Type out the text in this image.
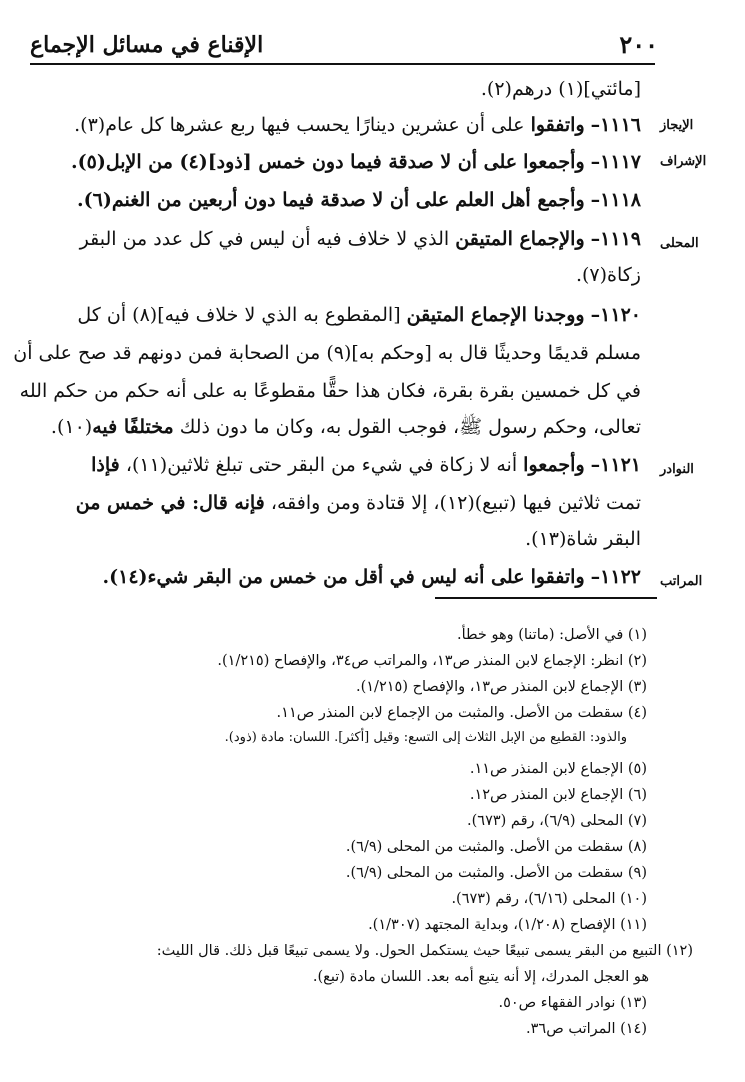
٢٠٠
الإقناع في مسائل الإجماع
الإيجاز
الإشراف
المحلى
النوادر
المراتب
[مائتي](١) درهم(٢).
١١١٦– واتفقوا على أن عشرين دينارًا يحسب فيها ربع عشرها كل عام(٣).
١١١٧– وأجمعوا على أن لا صدقة فيما دون خمس [ذود](٤) من الإبل(٥).
١١١٨– وأجمع أهل العلم على أن لا صدقة فيما دون أربعين من الغنم(٦).
١١١٩– والإجماع المتيقن الذي لا خلاف فيه أن ليس في كل عدد من البقر
زكاة(٧).
١١٢٠– ووجدنا الإجماع المتيقن [المقطوع به الذي لا خلاف فيه](٨) أن كل
مسلم قديمًا وحديثًا قال به [وحكم به](٩) من الصحابة فمن دونهم قد صح على أن
في كل خمسين بقرة بقرة، فكان هذا حقًّا مقطوعًا به على أنه حكم من حكم الله
تعالى، وحكم رسول ﷺ، فوجب القول به، وكان ما دون ذلك مختلفًا فيه(١٠).
١١٢١– وأجمعوا أنه لا زكاة في شيء من البقر حتى تبلغ ثلاثين(١١)، فإذا
تمت ثلاثين فيها (تبيع)(١٢)، إلا قتادة ومن وافقه، فإنه قال: في خمس من
البقر شاة(١٣).
١١٢٢– واتفقوا على أنه ليس في أقل من خمس من البقر شيء(١٤).
(١) في الأصل: (ماتنا) وهو خطأ.
(٢) انظر: الإجماع لابن المنذر ص١٣، والمراتب ص٣٤، والإفصاح (١/٢١٥).
(٣) الإجماع لابن المنذر ص١٣، والإفصاح (١/٢١٥).
(٤) سقطت من الأصل. والمثبت من الإجماع لابن المنذر ص١١.
والذود: القطيع من الإبل الثلاث إلى التسع: وقيل [أكثر]. اللسان: مادة (ذود).
(٥) الإجماع لابن المنذر ص١١.
(٦) الإجماع لابن المنذر ص١٢.
(٧) المحلى (٦/٩)، رقم (٦٧٣).
(٨) سقطت من الأصل. والمثبت من المحلى (٦/٩).
(٩) سقطت من الأصل. والمثبت من المحلى (٦/٩).
(١٠) المحلى (٦/١٦)، رقم (٦٧٣).
(١١) الإفصاح (١/٢٠٨)، وبداية المجتهد (١/٣٠٧).
(١٢) التبيع من البقر يسمى تبيعًا حيث يستكمل الحول. ولا يسمى تبيعًا قبل ذلك. قال الليث:
هو العجل المدرك، إلا أنه يتبع أمه بعد. اللسان مادة (تبع).
(١٣) نوادر الفقهاء ص٥٠.
(١٤) المراتب ص٣٦.
